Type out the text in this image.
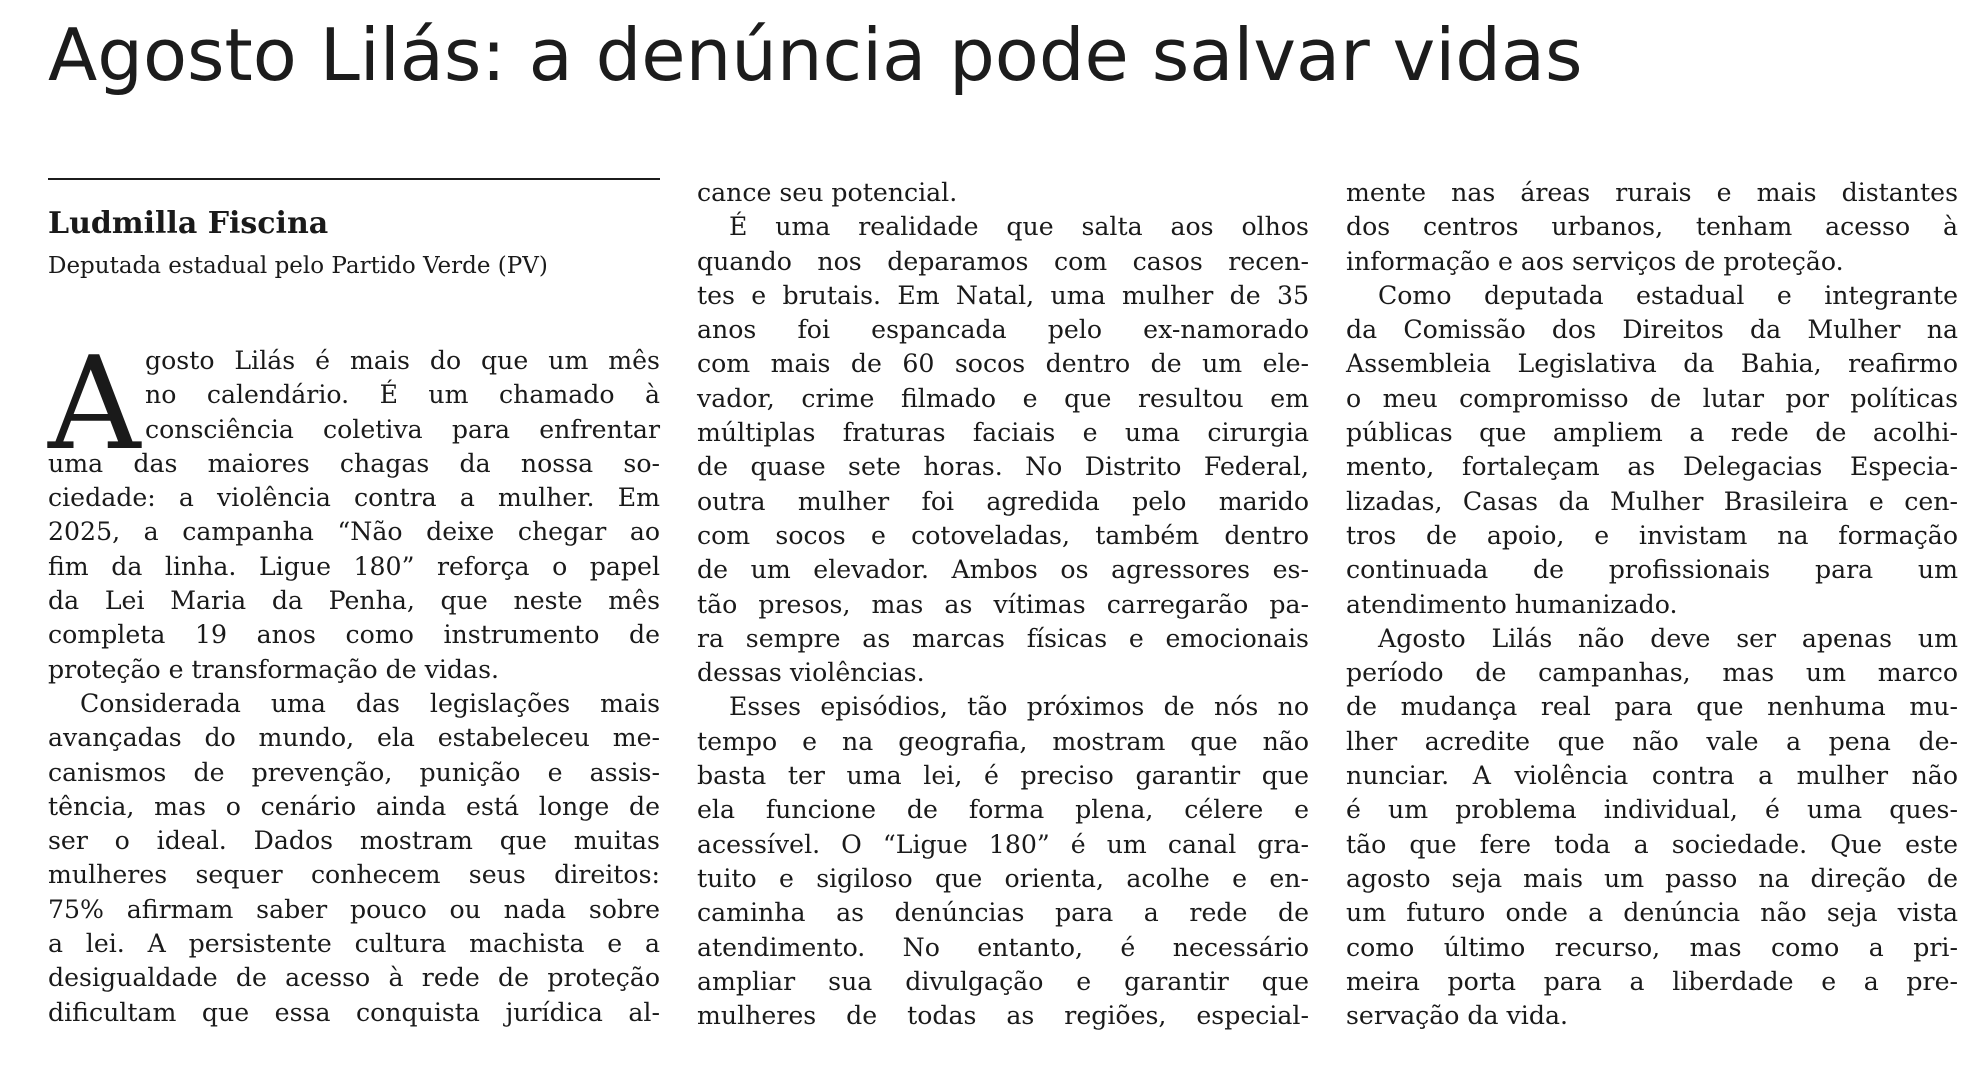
Agosto Lilás: a denúncia pode salvar vidas
Ludmilla Fiscina
Deputada estadual pelo Partido Verde (PV)
A gosto Lilás é mais do que um mês
no calendário. É um chamado à
consciência coletiva para enfrentar
uma das maiores chagas da nossa so-
ciedade: a violência contra a mulher. Em
2025, a campanha “Não deixe chegar ao
fim da linha. Ligue 180” reforça o papel
da Lei Maria da Penha, que neste mês
completa 19 anos como instrumento de
proteção e transformação de vidas.
Considerada uma das legislações mais
avançadas do mundo, ela estabeleceu me-
canismos de prevenção, punição e assis-
tência, mas o cenário ainda está longe de
ser o ideal. Dados mostram que muitas
mulheres sequer conhecem seus direitos:
75% afirmam saber pouco ou nada sobre
a lei. A persistente cultura machista e a
desigualdade de acesso à rede de proteção
dificultam que essa conquista jurídica al-
cance seu potencial.
É uma realidade que salta aos olhos
quando nos deparamos com casos recen-
tes e brutais. Em Natal, uma mulher de 35
anos foi espancada pelo ex-namorado
com mais de 60 socos dentro de um ele-
vador, crime filmado e que resultou em
múltiplas fraturas faciais e uma cirurgia
de quase sete horas. No Distrito Federal,
outra mulher foi agredida pelo marido
com socos e cotoveladas, também dentro
de um elevador. Ambos os agressores es-
tão presos, mas as vítimas carregarão pa-
ra sempre as marcas físicas e emocionais
dessas violências.
Esses episódios, tão próximos de nós no
tempo e na geografia, mostram que não
basta ter uma lei, é preciso garantir que
ela funcione de forma plena, célere e
acessível. O “Ligue 180” é um canal gra-
tuito e sigiloso que orienta, acolhe e en-
caminha as denúncias para a rede de
atendimento. No entanto, é necessário
ampliar sua divulgação e garantir que
mulheres de todas as regiões, especial-
mente nas áreas rurais e mais distantes
dos centros urbanos, tenham acesso à
informação e aos serviços de proteção.
Como deputada estadual e integrante
da Comissão dos Direitos da Mulher na
Assembleia Legislativa da Bahia, reafirmo
o meu compromisso de lutar por políticas
públicas que ampliem a rede de acolhi-
mento, fortaleçam as Delegacias Especia-
lizadas, Casas da Mulher Brasileira e cen-
tros de apoio, e invistam na formação
continuada de profissionais para um
atendimento humanizado.
Agosto Lilás não deve ser apenas um
período de campanhas, mas um marco
de mudança real para que nenhuma mu-
lher acredite que não vale a pena de-
nunciar. A violência contra a mulher não
é um problema individual, é uma ques-
tão que fere toda a sociedade. Que este
agosto seja mais um passo na direção de
um futuro onde a denúncia não seja vista
como último recurso, mas como a pri-
meira porta para a liberdade e a pre-
servação da vida.
